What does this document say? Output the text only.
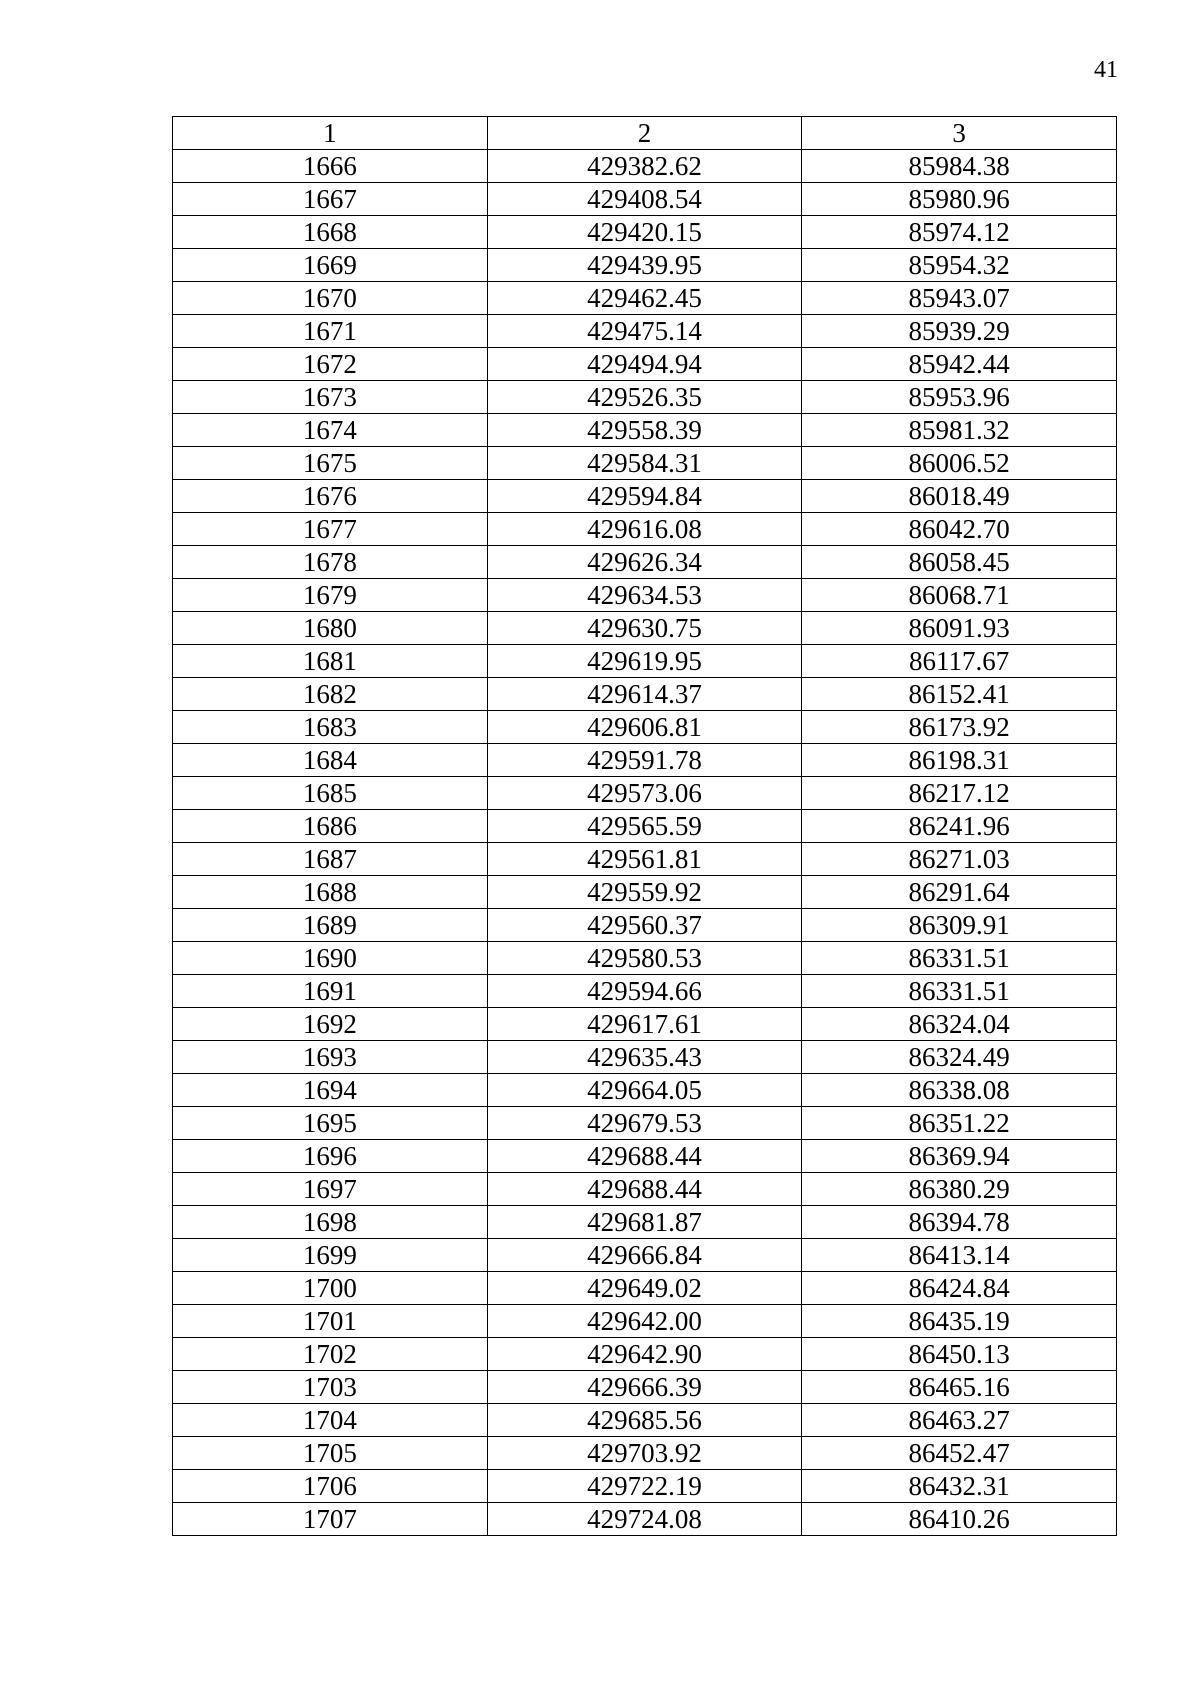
41
1	2	3
1666	429382.62	85984.38
1667	429408.54	85980.96
1668	429420.15	85974.12
1669	429439.95	85954.32
1670	429462.45	85943.07
1671	429475.14	85939.29
1672	429494.94	85942.44
1673	429526.35	85953.96
1674	429558.39	85981.32
1675	429584.31	86006.52
1676	429594.84	86018.49
1677	429616.08	86042.70
1678	429626.34	86058.45
1679	429634.53	86068.71
1680	429630.75	86091.93
1681	429619.95	86117.67
1682	429614.37	86152.41
1683	429606.81	86173.92
1684	429591.78	86198.31
1685	429573.06	86217.12
1686	429565.59	86241.96
1687	429561.81	86271.03
1688	429559.92	86291.64
1689	429560.37	86309.91
1690	429580.53	86331.51
1691	429594.66	86331.51
1692	429617.61	86324.04
1693	429635.43	86324.49
1694	429664.05	86338.08
1695	429679.53	86351.22
1696	429688.44	86369.94
1697	429688.44	86380.29
1698	429681.87	86394.78
1699	429666.84	86413.14
1700	429649.02	86424.84
1701	429642.00	86435.19
1702	429642.90	86450.13
1703	429666.39	86465.16
1704	429685.56	86463.27
1705	429703.92	86452.47
1706	429722.19	86432.31
1707	429724.08	86410.26
